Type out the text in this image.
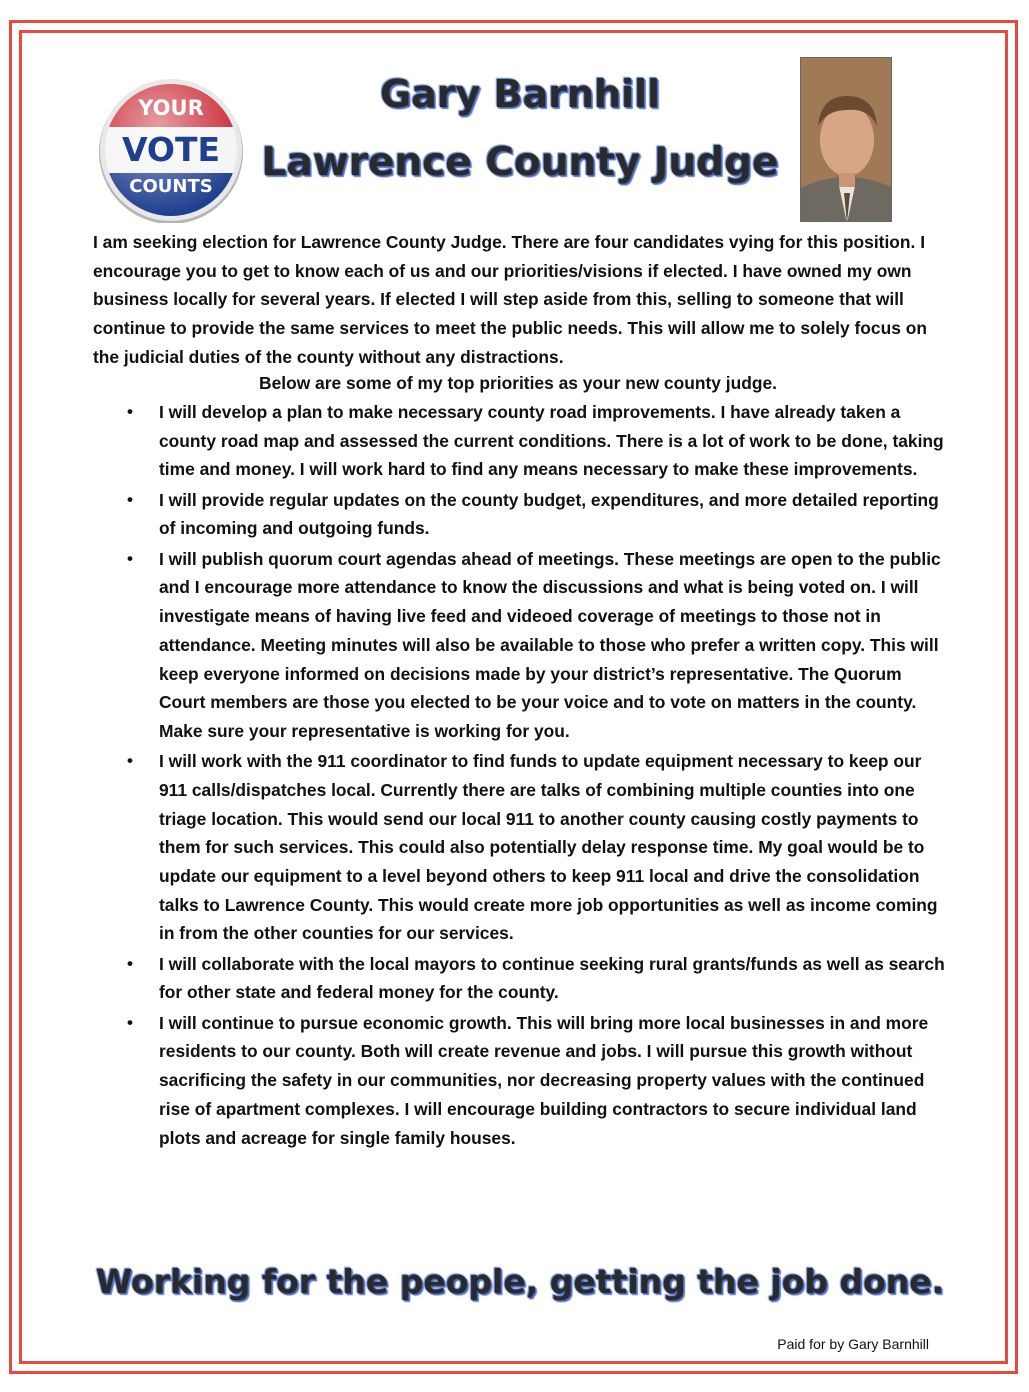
YOUR
VOTE
COUNTS
Gary Barnhill
Lawrence County Judge

I am seeking election for Lawrence County Judge. There are four candidates vying for this position. I encourage you to get to know each of us and our priorities/visions if elected. I have owned my own business locally for several years. If elected I will step aside from this, selling to someone that will continue to provide the same services to meet the public needs. This will allow me to solely focus on the judicial duties of the county without any distractions.

Below are some of my top priorities as your new county judge.

• I will develop a plan to make necessary county road improvements. I have already taken a county road map and assessed the current conditions. There is a lot of work to be done, taking time and money. I will work hard to find any means necessary to make these improvements.
• I will provide regular updates on the county budget, expenditures, and more detailed reporting of incoming and outgoing funds.
• I will publish quorum court agendas ahead of meetings. These meetings are open to the public and I encourage more attendance to know the discussions and what is being voted on. I will investigate means of having live feed and videoed coverage of meetings to those not in attendance. Meeting minutes will also be available to those who prefer a written copy. This will keep everyone informed on decisions made by your district’s representative. The Quorum Court members are those you elected to be your voice and to vote on matters in the county. Make sure your representative is working for you.
• I will work with the 911 coordinator to find funds to update equipment necessary to keep our 911 calls/dispatches local. Currently there are talks of combining multiple counties into one triage location. This would send our local 911 to another county causing costly payments to them for such services. This could also potentially delay response time. My goal would be to update our equipment to a level beyond others to keep 911 local and drive the consolidation talks to Lawrence County. This would create more job opportunities as well as income coming in from the other counties for our services.
• I will collaborate with the local mayors to continue seeking rural grants/funds as well as search for other state and federal money for the county.
• I will continue to pursue economic growth. This will bring more local businesses in and more residents to our county. Both will create revenue and jobs. I will pursue this growth without sacrificing the safety in our communities, nor decreasing property values with the continued rise of apartment complexes. I will encourage building contractors to secure individual land plots and acreage for single family houses.

Working for the people, getting the job done.

Paid for by Gary Barnhill
